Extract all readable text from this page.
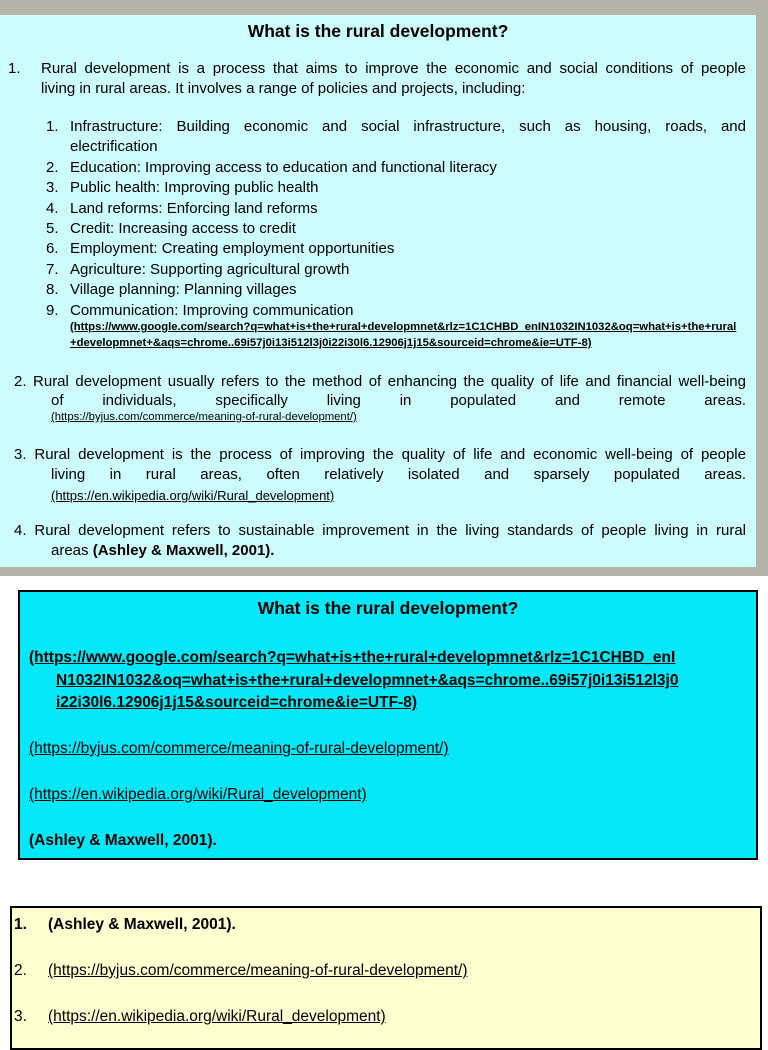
What is the rural development?
1. Rural development is a process that aims to improve the economic and social conditions of people
living in rural areas. It involves a range of policies and projects, including:
1. Infrastructure: Building economic and social infrastructure, such as housing, roads, and
electrification
2. Education: Improving access to education and functional literacy
3. Public health: Improving public health
4. Land reforms: Enforcing land reforms
5. Credit: Increasing access to credit
6. Employment: Creating employment opportunities
7. Agriculture: Supporting agricultural growth
8. Village planning: Planning villages
9. Communication: Improving communication
(https://www.google.com/search?q=what+is+the+rural+developmnet&rlz=1C1CHBD_enIN1032IN1032&oq=what+is+the+rural
+developmnet+&aqs=chrome..69i57j0i13i512l3j0i22i30l6.12906j1j15&sourceid=chrome&ie=UTF-8)
2. Rural development usually refers to the method of enhancing the quality of life and financial well-being
of individuals, specifically living in populated and remote areas.
(https://byjus.com/commerce/meaning-of-rural-development/)
3. Rural development is the process of improving the quality of life and economic well-being of people
living in rural areas, often relatively isolated and sparsely populated areas.
(https://en.wikipedia.org/wiki/Rural_development)
4. Rural development refers to sustainable improvement in the living standards of people living in rural
areas (Ashley & Maxwell, 2001).
What is the rural development?
(https://www.google.com/search?q=what+is+the+rural+developmnet&rlz=1C1CHBD_enI
N1032IN1032&oq=what+is+the+rural+developmnet+&aqs=chrome..69i57j0i13i512l3j0
i22i30l6.12906j1j15&sourceid=chrome&ie=UTF-8)
(https://byjus.com/commerce/meaning-of-rural-development/)
(https://en.wikipedia.org/wiki/Rural_development)
(Ashley & Maxwell, 2001).
1. (Ashley & Maxwell, 2001).
2. (https://byjus.com/commerce/meaning-of-rural-development/)
3. (https://en.wikipedia.org/wiki/Rural_development)
